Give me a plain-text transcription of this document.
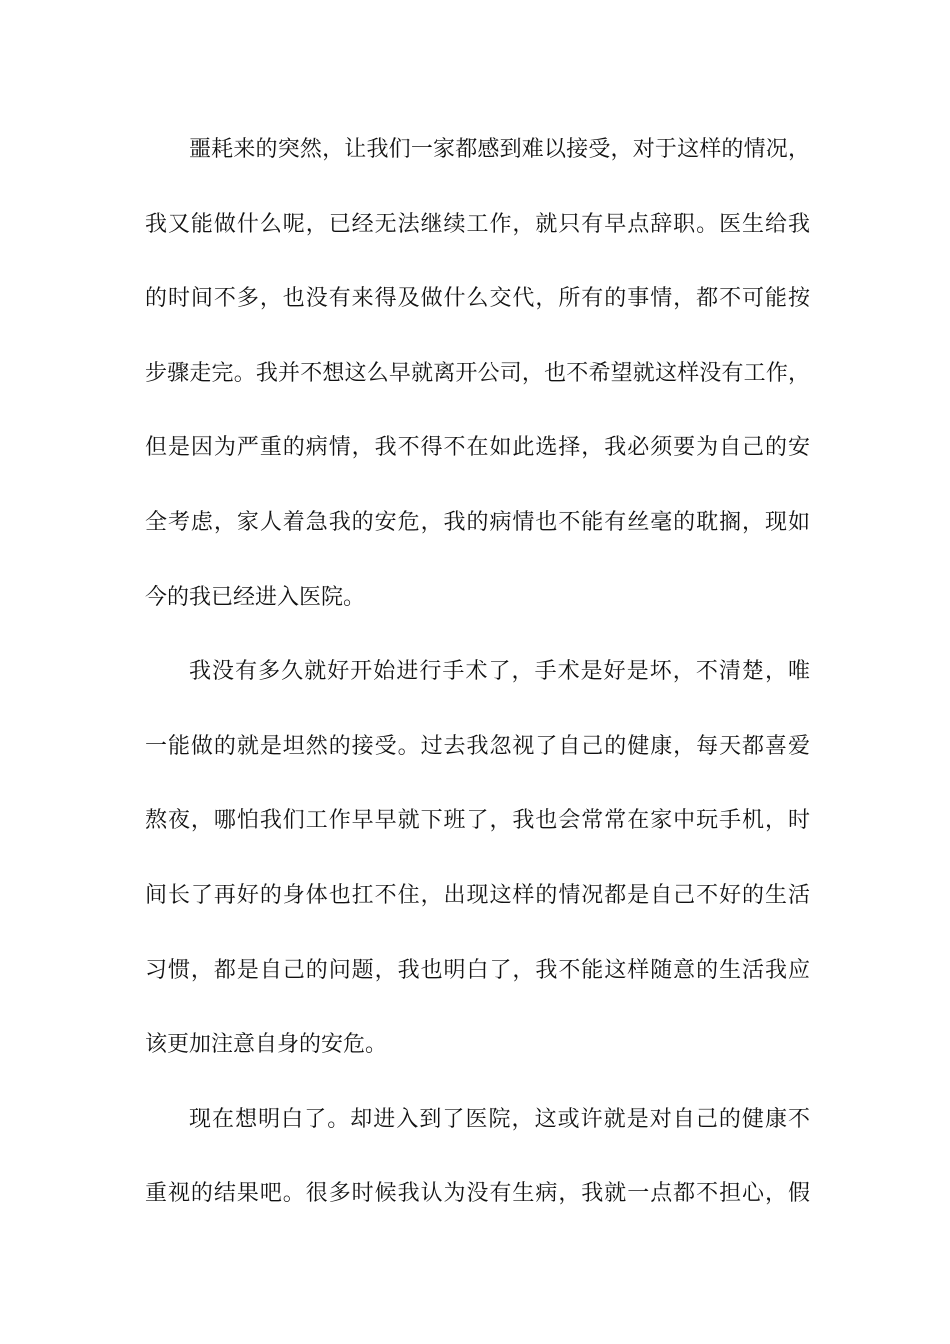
噩耗来的突然，让我们一家都感到难以接受，对于这样的情况，
我又能做什么呢，已经无法继续工作，就只有早点辞职。医生给我
的时间不多，也没有来得及做什么交代，所有的事情，都不可能按
步骤走完。我并不想这么早就离开公司，也不希望就这样没有工作，
但是因为严重的病情，我不得不在如此选择，我必须要为自己的安
全考虑，家人着急我的安危，我的病情也不能有丝毫的耽搁，现如
今的我已经进入医院。
我没有多久就好开始进行手术了，手术是好是坏，不清楚，唯
一能做的就是坦然的接受。过去我忽视了自己的健康，每天都喜爱
熬夜，哪怕我们工作早早就下班了，我也会常常在家中玩手机，时
间长了再好的身体也扛不住，出现这样的情况都是自己不好的生活
习惯，都是自己的问题，我也明白了，我不能这样随意的生活我应
该更加注意自身的安危。
现在想明白了。却进入到了医院，这或许就是对自己的健康不
重视的结果吧。很多时候我认为没有生病，我就一点都不担心，假
